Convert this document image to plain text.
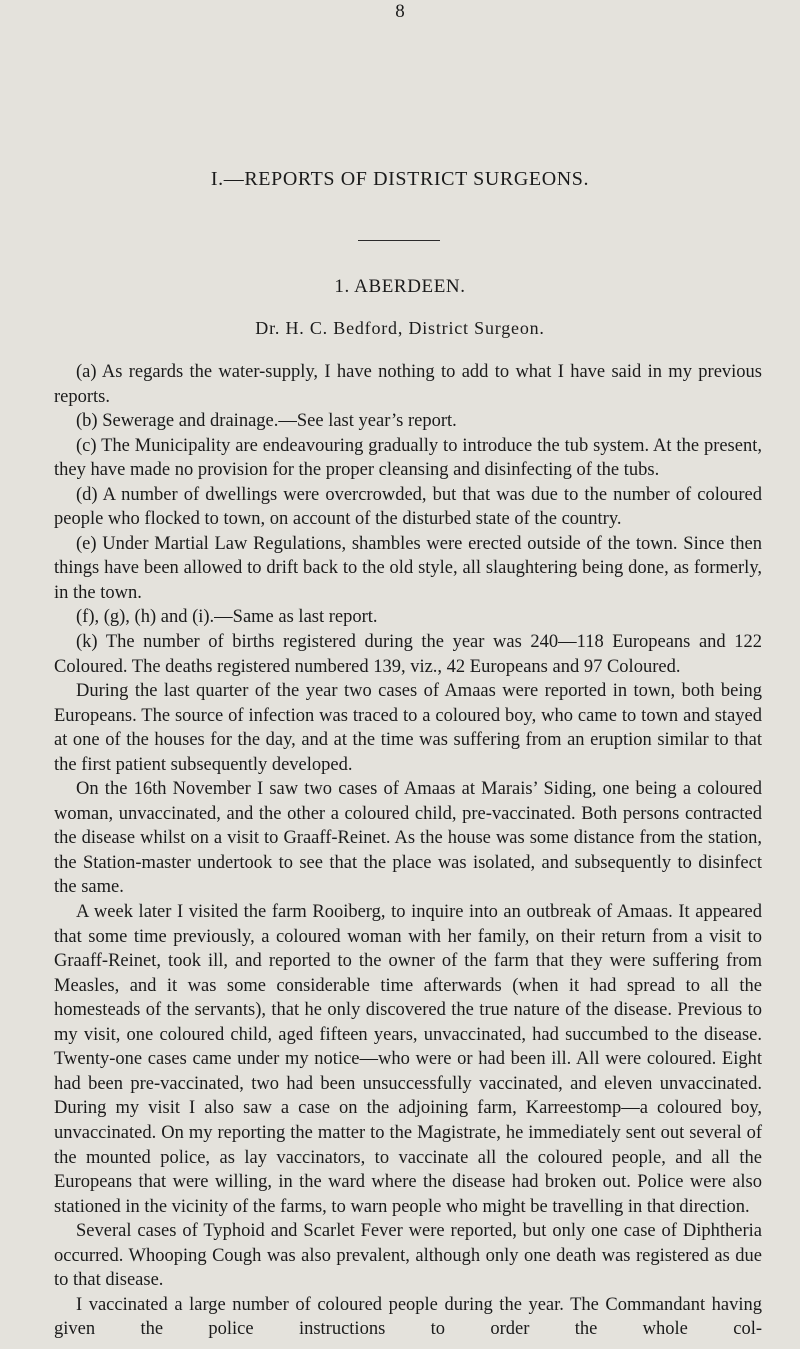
8
I.—REPORTS OF DISTRICT SURGEONS.
1. ABERDEEN.

Dr. H. C. Bedford, District Surgeon.

(a) As regards the water-supply, I have nothing to add to what I have said in my previous reports.

(b) Sewerage and drainage.—See last year’s report.

(c) The Municipality are endeavouring gradually to introduce the tub system. At the present, they have made no provision for the proper cleansing and disinfecting of the tubs.

(d) A number of dwellings were overcrowded, but that was due to the number of coloured people who flocked to town, on account of the disturbed state of the country.

(e) Under Martial Law Regulations, shambles were erected outside of the town. Since then things have been allowed to drift back to the old style, all slaughtering being done, as formerly, in the town.

(f), (g), (h) and (i).—Same as last report.

(k) The number of births registered during the year was 240—118 Europeans and 122 Coloured. The deaths registered numbered 139, viz., 42 Europeans and 97 Coloured.

During the last quarter of the year two cases of Amaas were reported in town, both being Europeans. The source of infection was traced to a coloured boy, who came to town and stayed at one of the houses for the day, and at the time was suffering from an eruption similar to that the first patient subsequently developed.

On the 16th November I saw two cases of Amaas at Marais’ Siding, one being a coloured woman, unvaccinated, and the other a coloured child, pre-vaccinated. Both persons contracted the disease whilst on a visit to Graaff-Reinet. As the house was some distance from the station, the Station-master undertook to see that the place was isolated, and subsequently to disinfect the same.

A week later I visited the farm Rooiberg, to inquire into an outbreak of Amaas. It appeared that some time previously, a coloured woman with her family, on their return from a visit to Graaff-Reinet, took ill, and reported to the owner of the farm that they were suffering from Measles, and it was some considerable time afterwards (when it had spread to all the homesteads of the servants), that he only discovered the true nature of the disease. Previous to my visit, one coloured child, aged fifteen years, unvaccinated, had succumbed to the disease. Twenty-one cases came under my notice—who were or had been ill. All were coloured. Eight had been pre-vaccinated, two had been unsuccessfully vaccinated, and eleven unvaccinated. During my visit I also saw a case on the adjoining farm, Karreestomp—a coloured boy, unvaccinated. On my reporting the matter to the Magistrate, he immediately sent out several of the mounted police, as lay vaccinators, to vaccinate all the coloured people, and all the Europeans that were willing, in the ward where the disease had broken out. Police were also stationed in the vicinity of the farms, to warn people who might be travelling in that direction.

Several cases of Typhoid and Scarlet Fever were reported, but only one case of Diphtheria occurred. Whooping Cough was also prevalent, although only one death was registered as due to that disease.

I vaccinated a large number of coloured people during the year. The Commandant having given the police instructions to order the whole col-
